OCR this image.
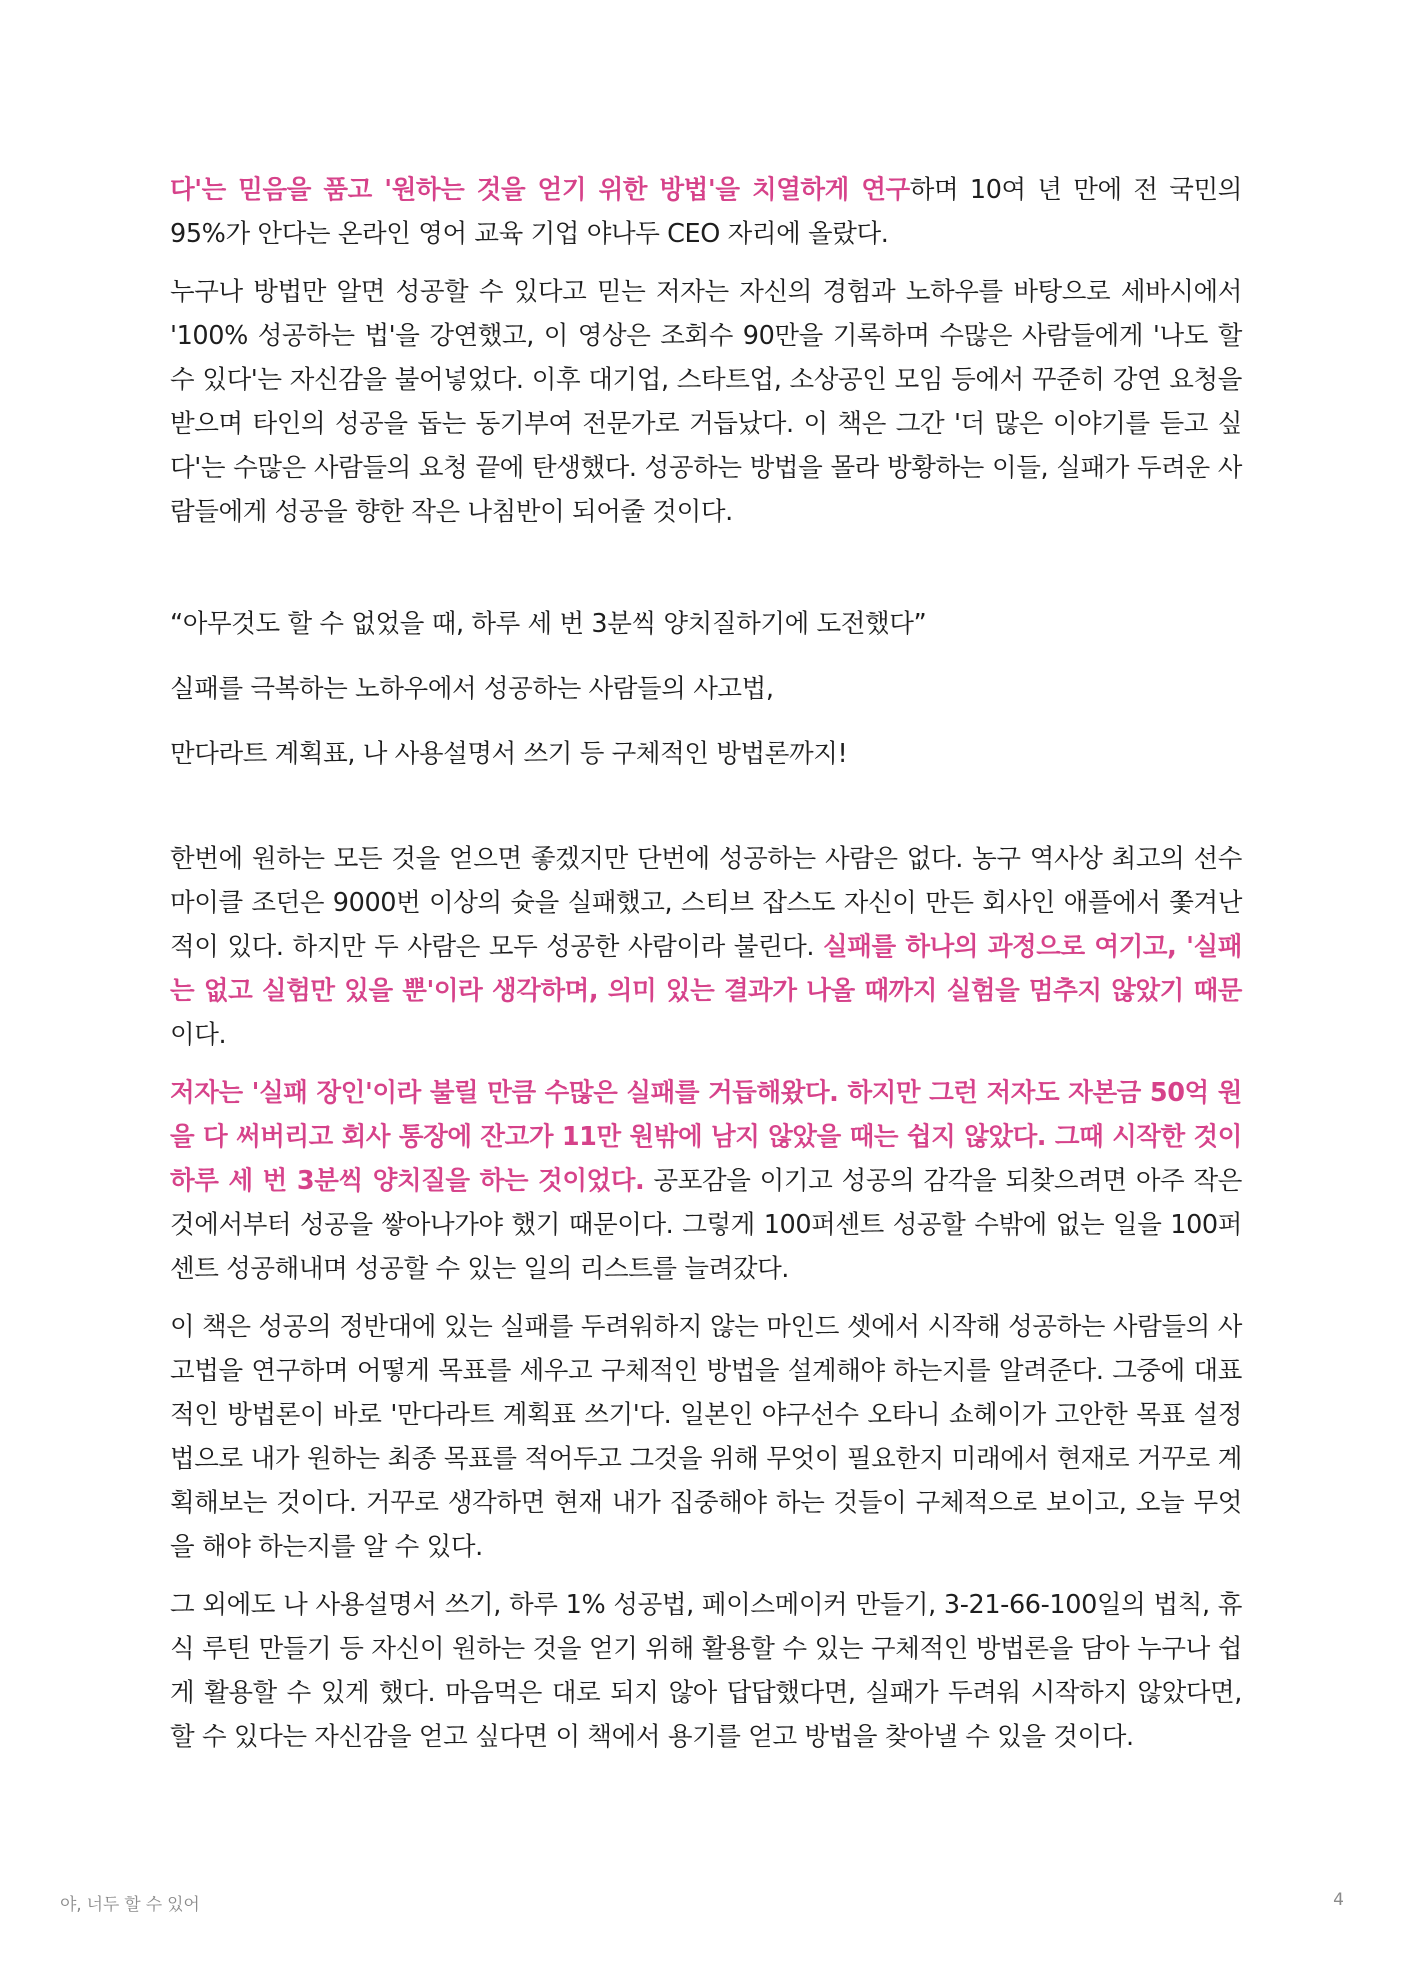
다'는 믿음을 품고 '원하는 것을 얻기 위한 방법'을 치열하게 연구하며 10여 년 만에 전 국민의 95%가 안다는 온라인 영어 교육 기업 야나두 CEO 자리에 올랐다.

누구나 방법만 알면 성공할 수 있다고 믿는 저자는 자신의 경험과 노하우를 바탕으로 세바시에서 '100% 성공하는 법'을 강연했고, 이 영상은 조회수 90만을 기록하며 수많은 사람들에게 '나도 할 수 있다'는 자신감을 불어넣었다. 이후 대기업, 스타트업, 소상공인 모임 등에서 꾸준히 강연 요청을 받으며 타인의 성공을 돕는 동기부여 전문가로 거듭났다. 이 책은 그간 '더 많은 이야기를 듣고 싶다'는 수많은 사람들의 요청 끝에 탄생했다. 성공하는 방법을 몰라 방황하는 이들, 실패가 두려운 사람들에게 성공을 향한 작은 나침반이 되어줄 것이다.

“아무것도 할 수 없었을 때, 하루 세 번 3분씩 양치질하기에 도전했다”

실패를 극복하는 노하우에서 성공하는 사람들의 사고법,

만다라트 계획표, 나 사용설명서 쓰기 등 구체적인 방법론까지!

한번에 원하는 모든 것을 얻으면 좋겠지만 단번에 성공하는 사람은 없다. 농구 역사상 최고의 선수 마이클 조던은 9000번 이상의 슛을 실패했고, 스티브 잡스도 자신이 만든 회사인 애플에서 쫓겨난 적이 있다. 하지만 두 사람은 모두 성공한 사람이라 불린다. 실패를 하나의 과정으로 여기고, '실패는 없고 실험만 있을 뿐'이라 생각하며, 의미 있는 결과가 나올 때까지 실험을 멈추지 않았기 때문이다.

저자는 '실패 장인'이라 불릴 만큼 수많은 실패를 거듭해왔다. 하지만 그런 저자도 자본금 50억 원을 다 써버리고 회사 통장에 잔고가 11만 원밖에 남지 않았을 때는 쉽지 않았다. 그때 시작한 것이 하루 세 번 3분씩 양치질을 하는 것이었다. 공포감을 이기고 성공의 감각을 되찾으려면 아주 작은 것에서부터 성공을 쌓아나가야 했기 때문이다. 그렇게 100퍼센트 성공할 수밖에 없는 일을 100퍼센트 성공해내며 성공할 수 있는 일의 리스트를 늘려갔다.

이 책은 성공의 정반대에 있는 실패를 두려워하지 않는 마인드 셋에서 시작해 성공하는 사람들의 사고법을 연구하며 어떻게 목표를 세우고 구체적인 방법을 설계해야 하는지를 알려준다. 그중에 대표적인 방법론이 바로 '만다라트 계획표 쓰기'다. 일본인 야구선수 오타니 쇼헤이가 고안한 목표 설정법으로 내가 원하는 최종 목표를 적어두고 그것을 위해 무엇이 필요한지 미래에서 현재로 거꾸로 계획해보는 것이다. 거꾸로 생각하면 현재 내가 집중해야 하는 것들이 구체적으로 보이고, 오늘 무엇을 해야 하는지를 알 수 있다.

그 외에도 나 사용설명서 쓰기, 하루 1% 성공법, 페이스메이커 만들기, 3-21-66-100일의 법칙, 휴식 루틴 만들기 등 자신이 원하는 것을 얻기 위해 활용할 수 있는 구체적인 방법론을 담아 누구나 쉽게 활용할 수 있게 했다. 마음먹은 대로 되지 않아 답답했다면, 실패가 두려워 시작하지 않았다면, 할 수 있다는 자신감을 얻고 싶다면 이 책에서 용기를 얻고 방법을 찾아낼 수 있을 것이다.

야, 너두 할 수 있어	4
